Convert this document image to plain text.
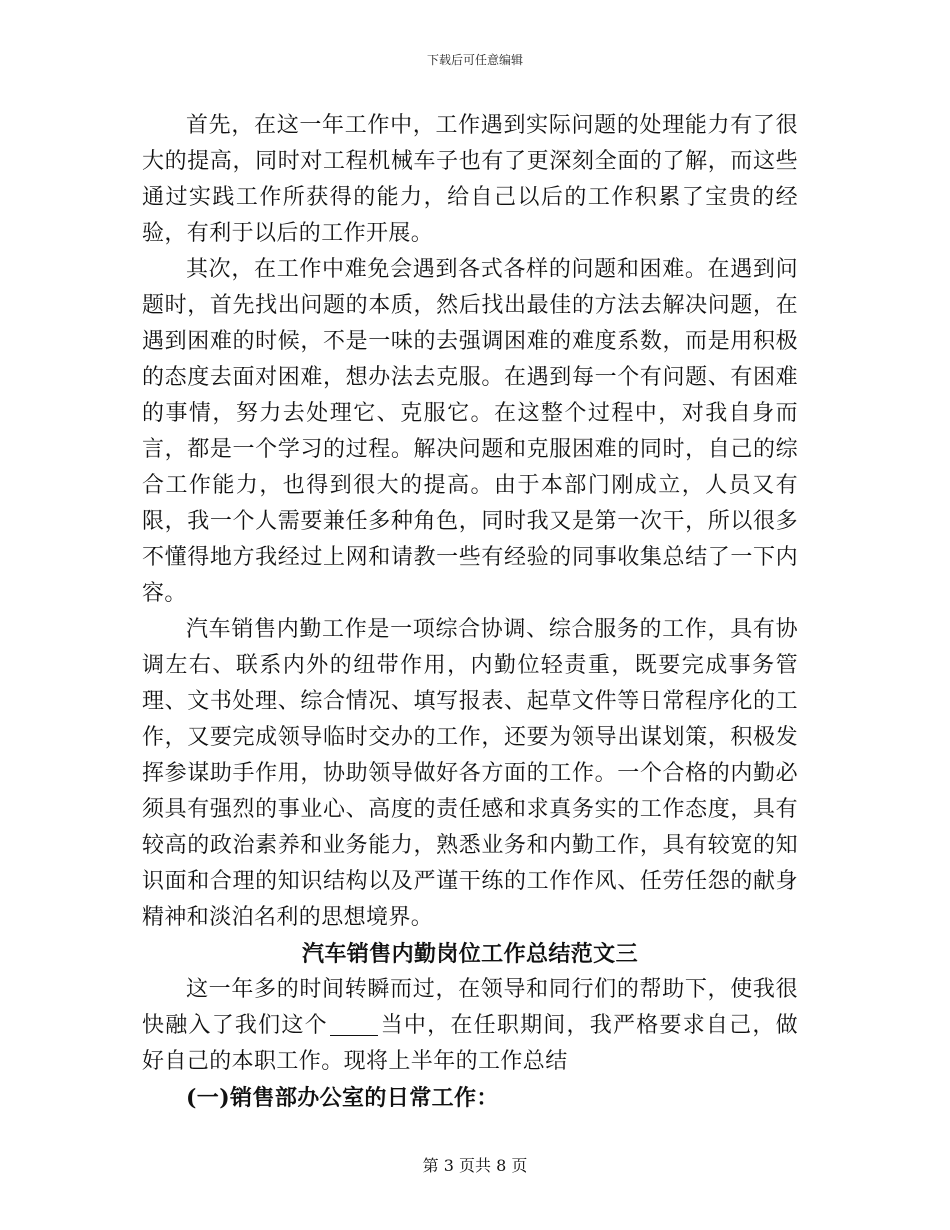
下载后可任意编辑

首先，在这一年工作中，工作遇到实际问题的处理能力有了很大的提高，同时对工程机械车子也有了更深刻全面的了解，而这些通过实践工作所获得的能力，给自己以后的工作积累了宝贵的经验，有利于以后的工作开展。

其次，在工作中难免会遇到各式各样的问题和困难。在遇到问题时，首先找出问题的本质，然后找出最佳的方法去解决问题，在遇到困难的时候，不是一味的去强调困难的难度系数，而是用积极的态度去面对困难，想办法去克服。在遇到每一个有问题、有困难的事情，努力去处理它、克服它。在这整个过程中，对我自身而言，都是一个学习的过程。解决问题和克服困难的同时，自己的综合工作能力，也得到很大的提高。由于本部门刚成立，人员又有限，我一个人需要兼任多种角色，同时我又是第一次干，所以很多不懂得地方我经过上网和请教一些有经验的同事收集总结了一下内容。

汽车销售内勤工作是一项综合协调、综合服务的工作，具有协调左右、联系内外的纽带作用，内勤位轻责重，既要完成事务管理、文书处理、综合情况、填写报表、起草文件等日常程序化的工作，又要完成领导临时交办的工作，还要为领导出谋划策，积极发挥参谋助手作用，协助领导做好各方面的工作。一个合格的内勤必须具有强烈的事业心、高度的责任感和求真务实的工作态度，具有较高的政治素养和业务能力，熟悉业务和内勤工作，具有较宽的知识面和合理的知识结构以及严谨干练的工作作风、任劳任怨的献身精神和淡泊名利的思想境界。

汽车销售内勤岗位工作总结范文三

这一年多的时间转瞬而过，在领导和同行们的帮助下，使我很快融入了我们这个 当中，在任职期间，我严格要求自己，做好自己的本职工作。现将上半年的工作总结

(一)销售部办公室的日常工作：

第 3 页共 8 页
